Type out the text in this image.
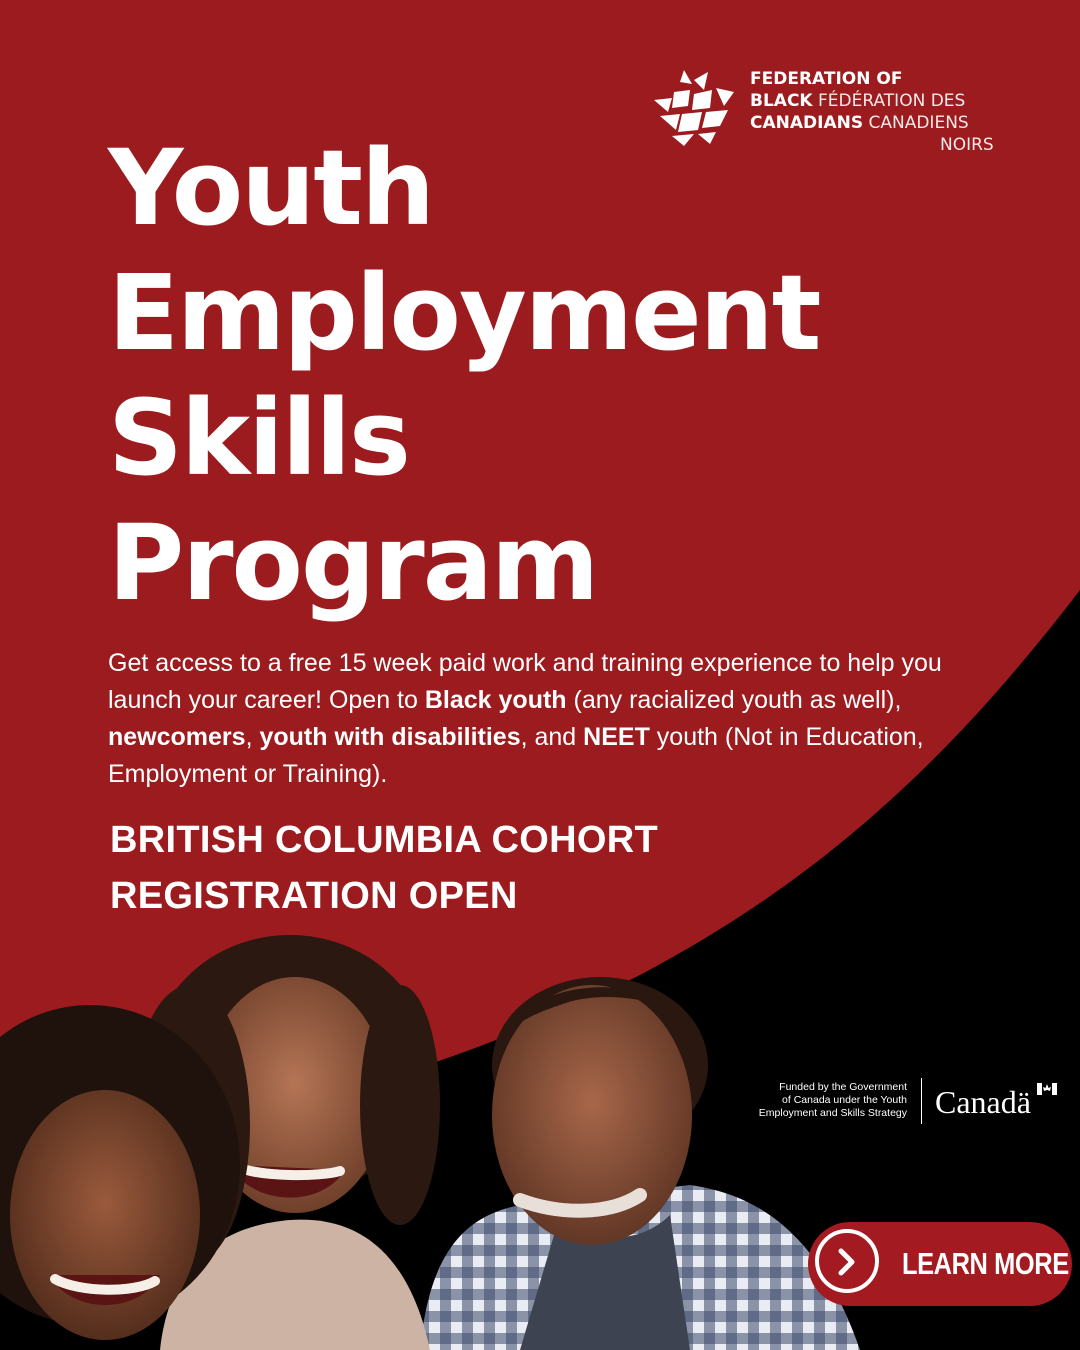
FEDERATION OF
BLACK FÉDÉRATION DES
CANADIANS CANADIENS
NOIRS
Youth
Employment
Skills
Program

Get access to a free 15 week paid work and training experience to help you launch your career! Open to Black youth (any racialized youth as well), newcomers, youth with disabilities, and NEET youth (Not in Education, Employment or Training).

BRITISH COLUMBIA COHORT
REGISTRATION OPEN
Funded by the Government
of Canada under the Youth
Employment and Skills Strategy Canadä
LEARN MORE
